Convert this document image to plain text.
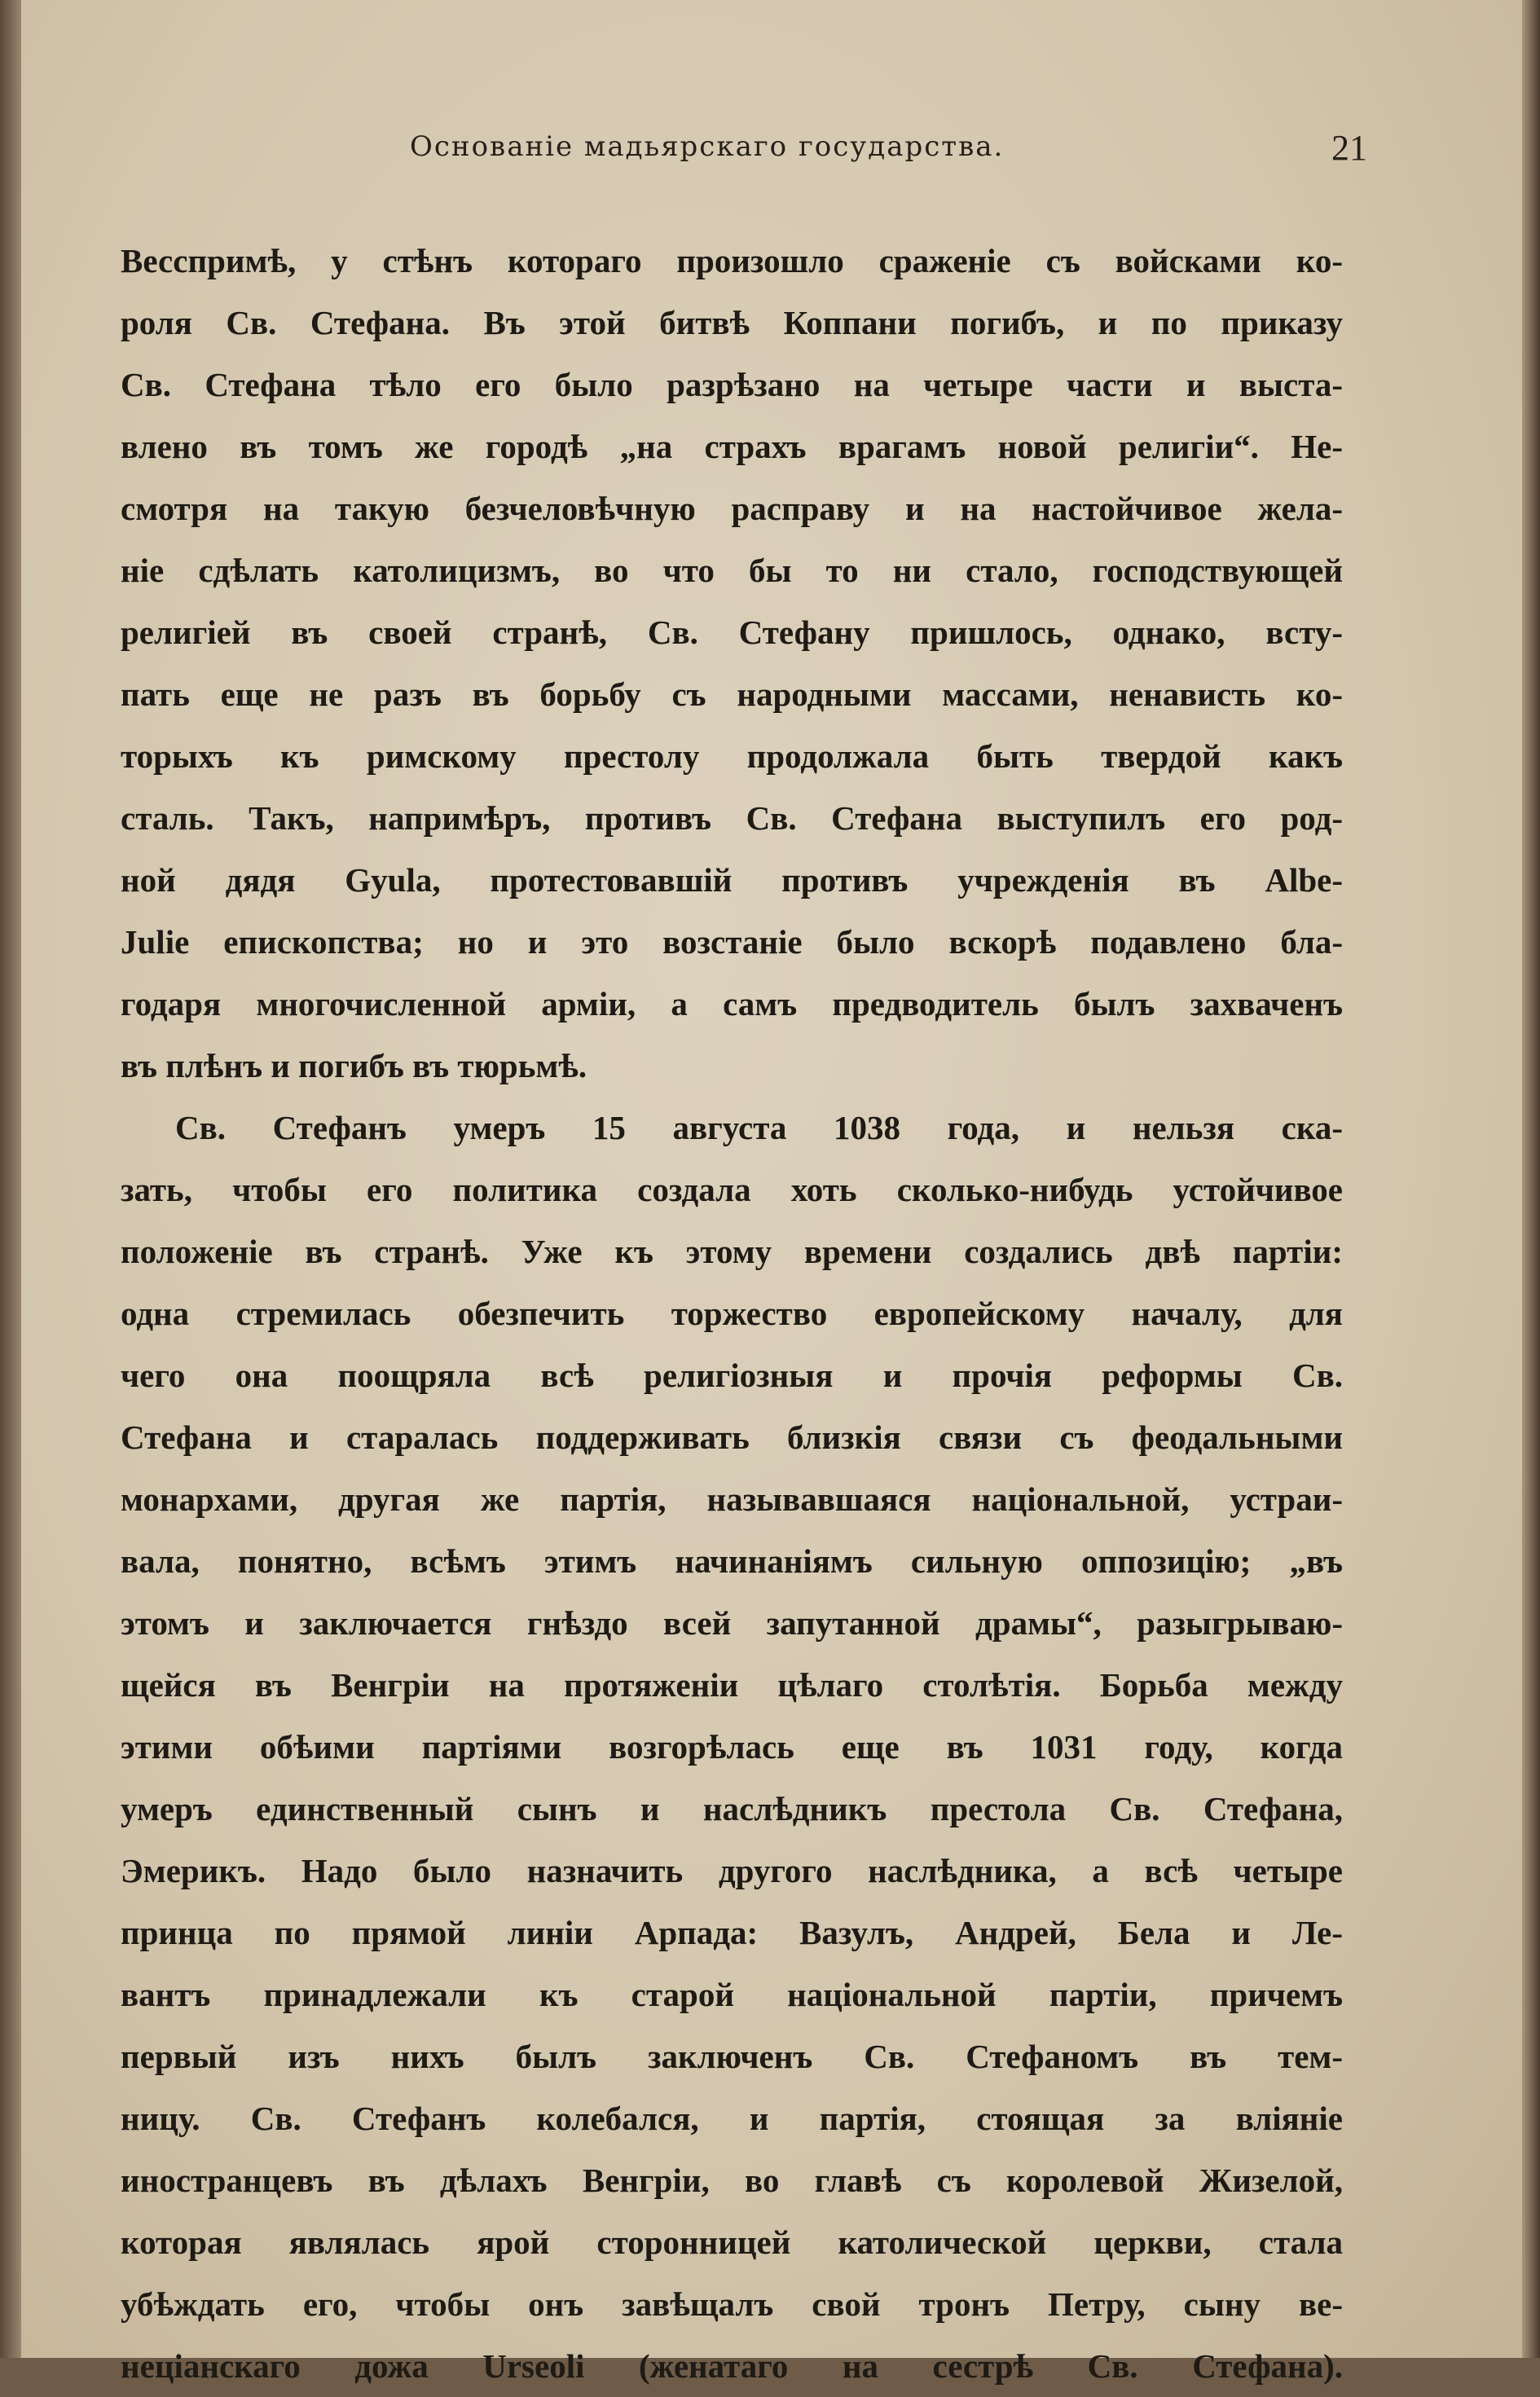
Основаніе мадьярскаго государства.	21
Весспримѣ, у стѣнъ котораго произошло сраженіе съ войсками ко-
роля Св. Стефана. Въ этой битвѣ Коппани погибъ, и по приказу
Св. Стефана тѣло его было разрѣзано на четыре части и выста-
влено въ томъ же городѣ „на страхъ врагамъ новой религіи“. Не-
смотря на такую безчеловѣчную расправу и на настойчивое жела-
ніе сдѣлать католицизмъ, во что бы то ни стало, господствующей
религіей въ своей странѣ, Св. Стефану пришлось, однако, всту-
пать еще не разъ въ борьбу съ народными массами, ненависть ко-
торыхъ къ римскому престолу продолжала быть твердой какъ
сталь. Такъ, напримѣръ, противъ Св. Стефана выступилъ его род-
ной дядя Gyula, протестовавшій противъ учрежденія въ Albe-
Julie епископства; но и это возстаніе было вскорѣ подавлено бла-
годаря многочисленной арміи, а самъ предводитель былъ захваченъ
въ плѣнъ и погибъ въ тюрьмѣ.
Св. Стефанъ умеръ 15 августа 1038 года, и нельзя ска-
зать, чтобы его политика создала хоть сколько-нибудь устойчивое
положеніе въ странѣ. Уже къ этому времени создались двѣ партіи:
одна стремилась обезпечить торжество европейскому началу, для
чего она поощряла всѣ религіозныя и прочія реформы Св.
Стефана и старалась поддерживать близкія связи съ феодальными
монархами, другая же партія, называвшаяся національной, устраи-
вала, понятно, всѣмъ этимъ начинаніямъ сильную оппозицію; „въ
этомъ и заключается гнѣздо всей запутанной драмы“, разыгрываю-
щейся въ Венгріи на протяженіи цѣлаго столѣтія. Борьба между
этими обѣими партіями возгорѣлась еще въ 1031 году, когда
умеръ единственный сынъ и наслѣдникъ престола Св. Стефана,
Эмерикъ. Надо было назначить другого наслѣдника, а всѣ четыре
принца по прямой линіи Арпада: Вазулъ, Андрей, Бела и Ле-
вантъ принадлежали къ старой національной партіи, причемъ
первый изъ нихъ былъ заключенъ Св. Стефаномъ въ тем-
ницу. Св. Стефанъ колебался, и партія, стоящая за вліяніе
иностранцевъ въ дѣлахъ Венгріи, во главѣ съ королевой Жизелой,
которая являлась ярой сторонницей католической церкви, стала
убѣждать его, чтобы онъ завѣщалъ свой тронъ Петру, сыну ве-
неціанскаго дожа Urseoli (женатаго на сестрѣ Св. Стефана).
